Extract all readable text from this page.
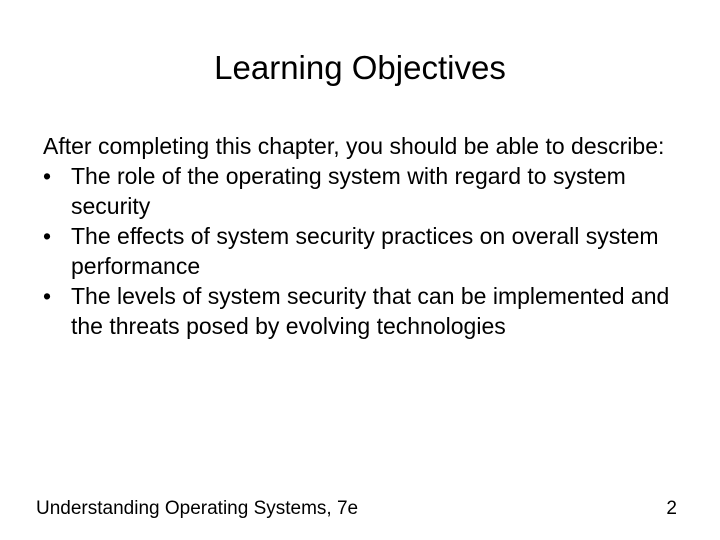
Learning Objectives

After completing this chapter, you should be able to describe:

• The role of the operating system with regard to system security
• The effects of system security practices on overall system performance
• The levels of system security that can be implemented and the threats posed by evolving technologies
Understanding Operating Systems, 7e	2
